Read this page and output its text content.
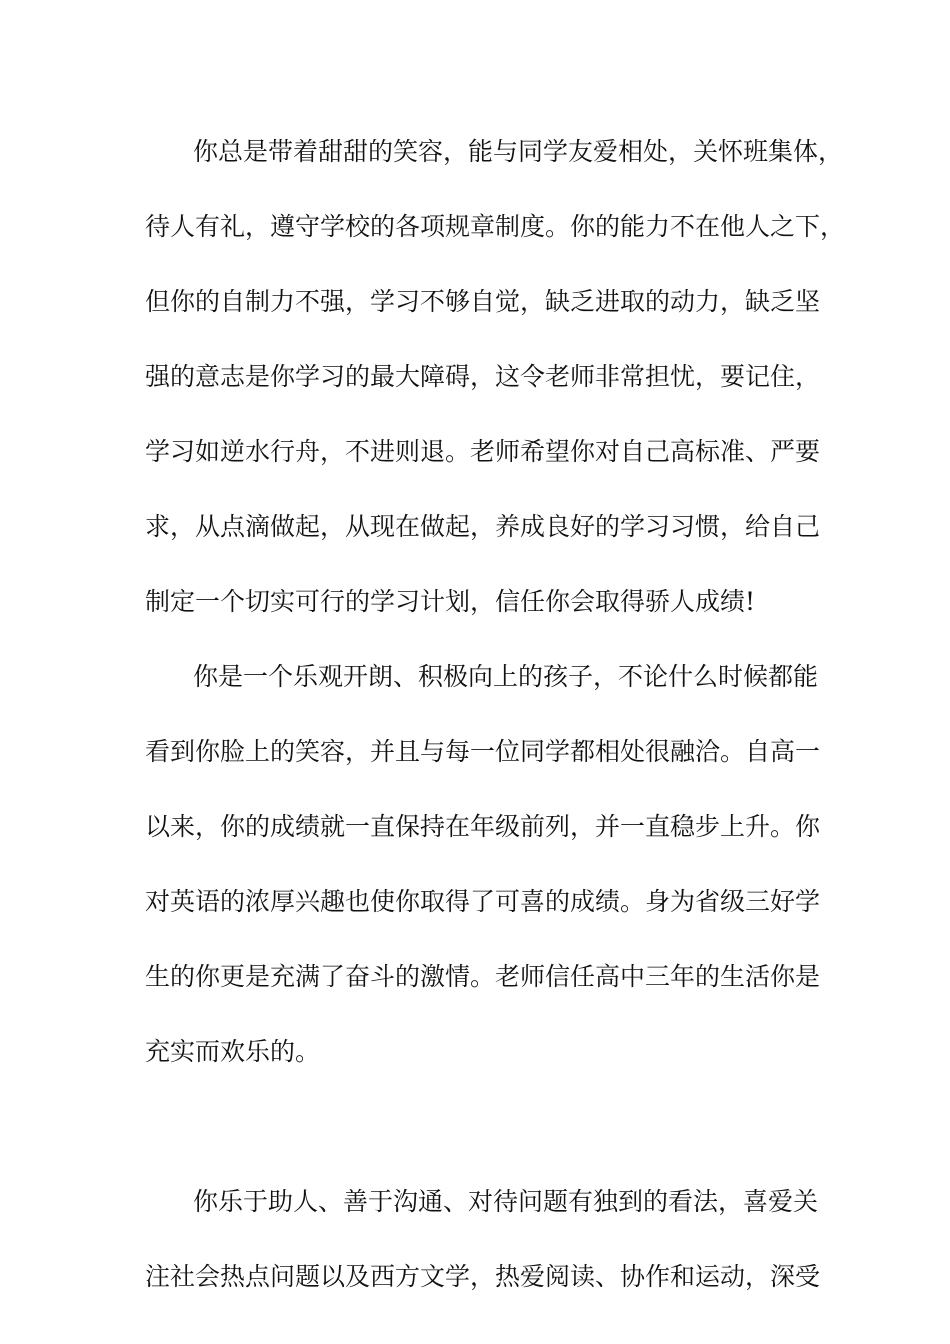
你总是带着甜甜的笑容，能与同学友爱相处，关怀班集体，
待人有礼，遵守学校的各项规章制度。你的能力不在他人之下，
但你的自制力不强，学习不够自觉，缺乏进取的动力，缺乏坚
强的意志是你学习的最大障碍，这令老师非常担忧，要记住，
学习如逆水行舟，不进则退。老师希望你对自己高标准、严要
求，从点滴做起，从现在做起，养成良好的学习习惯，给自己
制定一个切实可行的学习计划，信任你会取得骄人成绩!
你是一个乐观开朗、积极向上的孩子，不论什么时候都能
看到你脸上的笑容，并且与每一位同学都相处很融洽。自高一
以来，你的成绩就一直保持在年级前列，并一直稳步上升。你
对英语的浓厚兴趣也使你取得了可喜的成绩。身为省级三好学
生的你更是充满了奋斗的激情。老师信任高中三年的生活你是
充实而欢乐的。
你乐于助人、善于沟通、对待问题有独到的看法，喜爱关
注社会热点问题以及西方文学，热爱阅读、协作和运动，深受
